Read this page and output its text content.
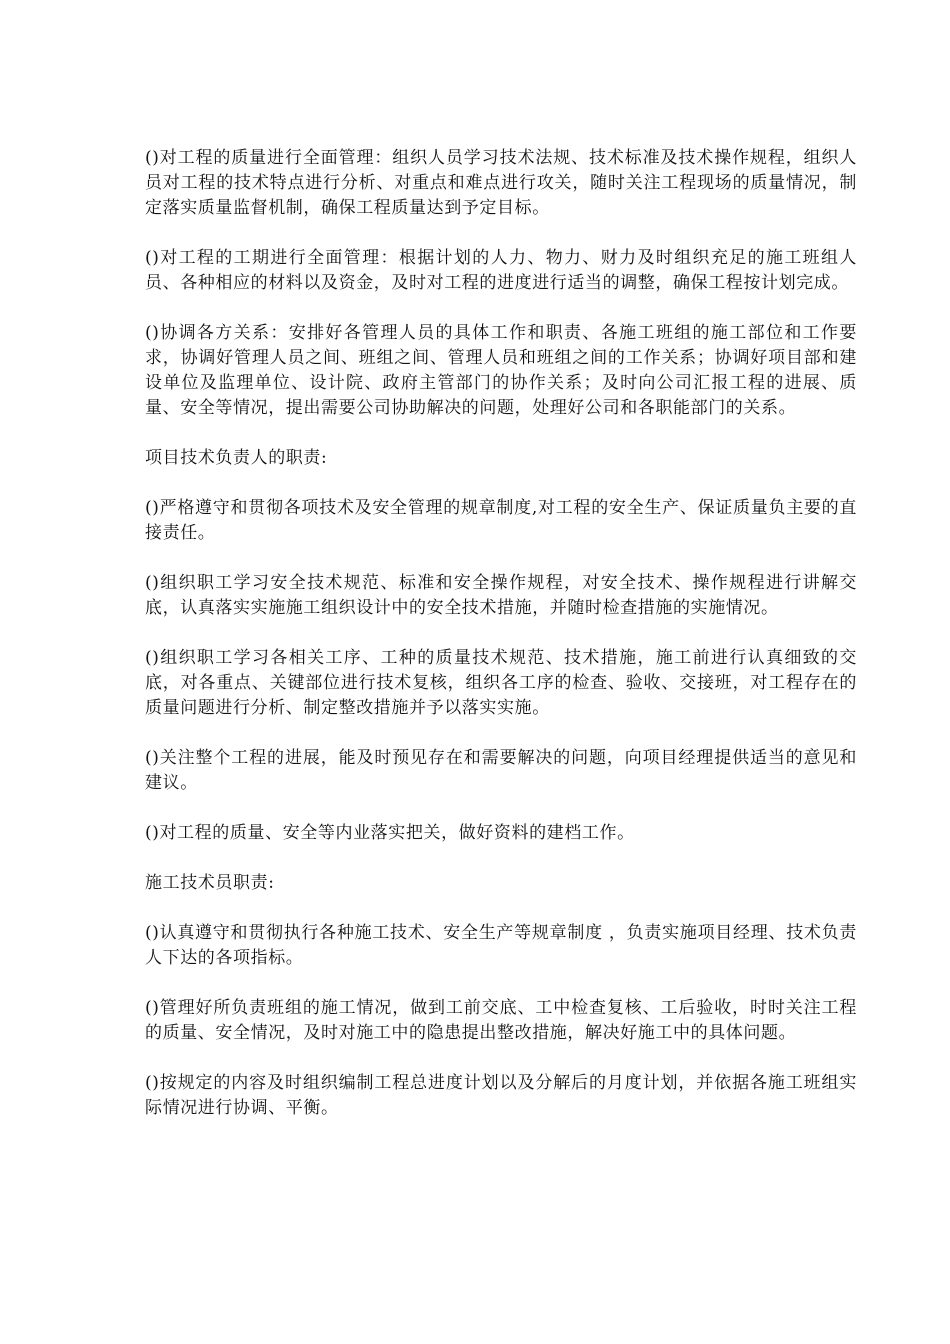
()对工程的质量进行全面管理：组织人员学习技术法规、技术标准及技术操作规程，组织人员对工程的技术特点进行分析、对重点和难点进行攻关，随时关注工程现场的质量情况，制定落实质量监督机制，确保工程质量达到予定目标。

()对工程的工期进行全面管理：根据计划的人力、物力、财力及时组织充足的施工班组人员、各种相应的材料以及资金，及时对工程的进度进行适当的调整，确保工程按计划完成。

()协调各方关系：安排好各管理人员的具体工作和职责、各施工班组的施工部位和工作要求，协调好管理人员之间、班组之间、管理人员和班组之间的工作关系；协调好项目部和建设单位及监理单位、设计院、政府主管部门的协作关系；及时向公司汇报工程的进展、质量、安全等情况，提出需要公司协助解决的问题，处理好公司和各职能部门的关系。

项目技术负责人的职责:

()严格遵守和贯彻各项技术及安全管理的规章制度,对工程的安全生产、保证质量负主要的直接责任。

()组织职工学习安全技术规范、标准和安全操作规程，对安全技术、操作规程进行讲解交底，认真落实实施施工组织设计中的安全技术措施，并随时检查措施的实施情况。

()组织职工学习各相关工序、工种的质量技术规范、技术措施，施工前进行认真细致的交底，对各重点、关键部位进行技术复核，组织各工序的检查、验收、交接班，对工程存在的质量问题进行分析、制定整改措施并予以落实实施。

()关注整个工程的进展，能及时预见存在和需要解决的问题，向项目经理提供适当的意见和建议。

()对工程的质量、安全等内业落实把关，做好资料的建档工作。

施工技术员职责:

()认真遵守和贯彻执行各种施工技术、安全生产等规章制度 ，负责实施项目经理、技术负责人下达的各项指标。

()管理好所负责班组的施工情况，做到工前交底、工中检查复核、工后验收，时时关注工程的质量、安全情况，及时对施工中的隐患提出整改措施，解决好施工中的具体问题。

()按规定的内容及时组织编制工程总进度计划以及分解后的月度计划，并依据各施工班组实际情况进行协调、平衡。
